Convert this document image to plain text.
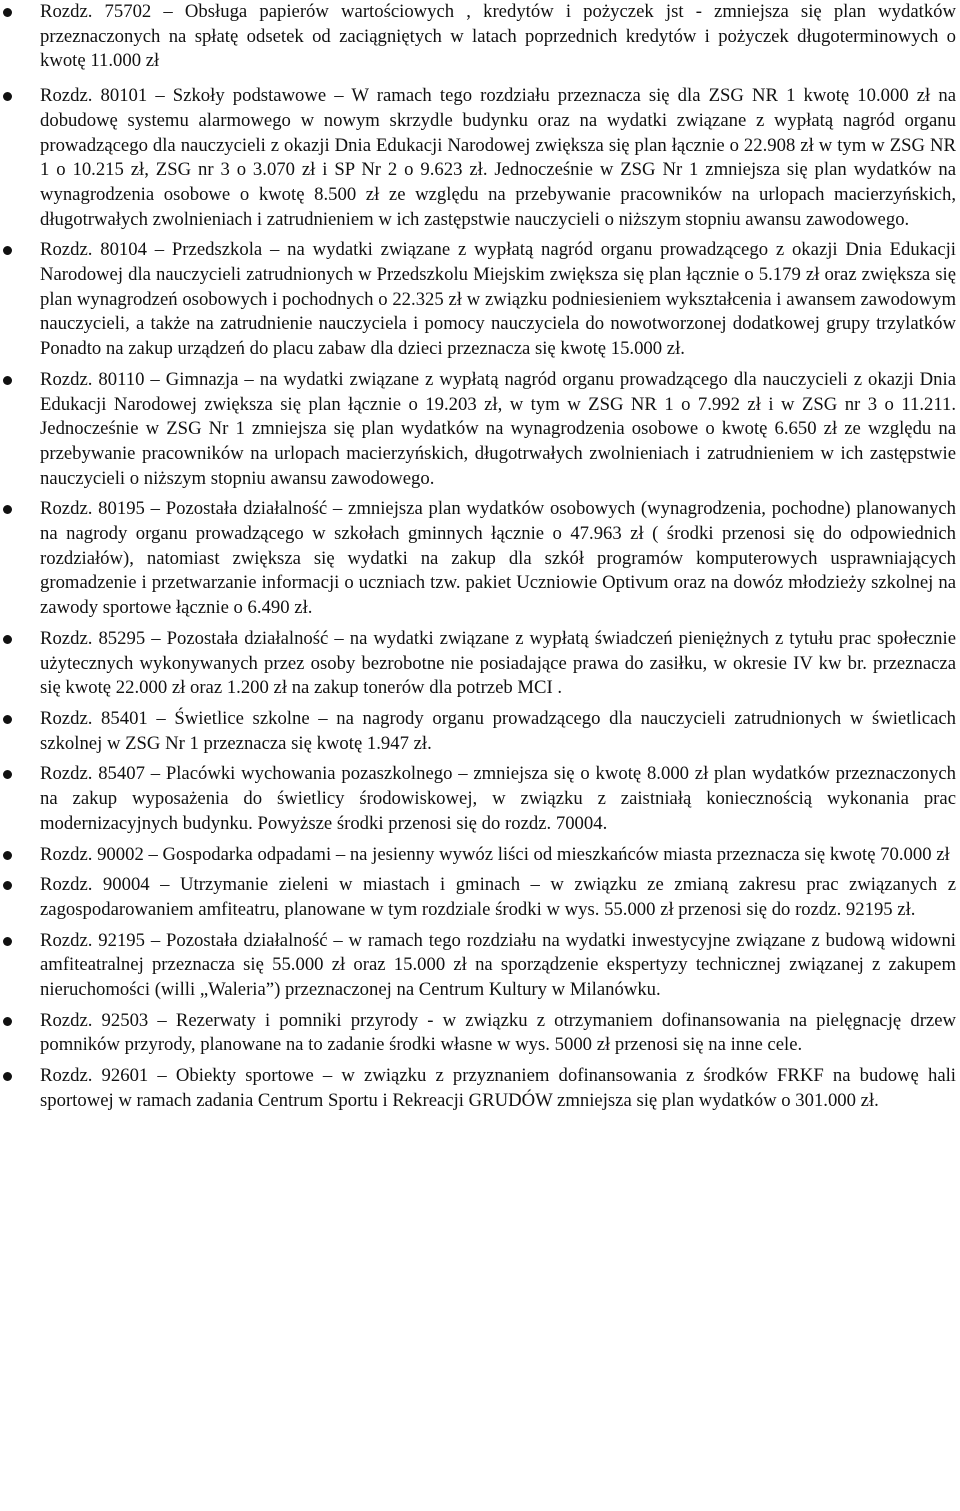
Rozdz. 75702 – Obsługa papierów wartościowych , kredytów i pożyczek jst - zmniejsza się plan wydatków przeznaczonych na spłatę odsetek od zaciągniętych w latach poprzednich kredytów i pożyczek długoterminowych o kwotę 11.000 zł
Rozdz. 80101 – Szkoły podstawowe – W ramach tego rozdziału przeznacza się dla ZSG NR 1 kwotę 10.000 zł na dobudowę systemu alarmowego w nowym skrzydle budynku oraz na wydatki związane z wypłatą nagród organu prowadzącego dla nauczycieli z okazji Dnia Edukacji Narodowej zwiększa się plan łącznie o 22.908 zł w tym w ZSG NR 1 o 10.215 zł, ZSG nr 3 o 3.070 zł i SP Nr 2 o 9.623 zł. Jednocześnie w ZSG Nr 1 zmniejsza się plan wydatków na wynagrodzenia osobowe o kwotę 8.500 zł ze względu na przebywanie pracowników na urlopach macierzyńskich, długotrwałych zwolnieniach i zatrudnieniem w ich zastępstwie nauczycieli o niższym stopniu awansu zawodowego.
Rozdz. 80104 – Przedszkola – na wydatki związane z wypłatą nagród organu prowadzącego z okazji Dnia Edukacji Narodowej dla nauczycieli zatrudnionych w Przedszkolu Miejskim zwiększa się plan łącznie o 5.179 zł oraz zwiększa się plan wynagrodzeń osobowych i pochodnych o 22.325 zł w związku podniesieniem wykształcenia i awansem zawodowym nauczycieli, a także na zatrudnienie nauczyciela i pomocy nauczyciela do nowotworzonej dodatkowej grupy trzylatków Ponadto na zakup urządzeń do placu zabaw dla dzieci przeznacza się kwotę 15.000 zł.
Rozdz. 80110 – Gimnazja – na wydatki związane z wypłatą nagród organu prowadzącego dla nauczycieli z okazji Dnia Edukacji Narodowej zwiększa się plan łącznie o 19.203 zł, w tym w ZSG NR 1 o 7.992 zł i w ZSG nr 3 o 11.211. Jednocześnie w ZSG Nr 1 zmniejsza się plan wydatków na wynagrodzenia osobowe o kwotę 6.650 zł ze względu na przebywanie pracowników na urlopach macierzyńskich, długotrwałych zwolnieniach i zatrudnieniem w ich zastępstwie nauczycieli o niższym stopniu awansu zawodowego.
Rozdz. 80195 – Pozostała działalność – zmniejsza plan wydatków osobowych (wynagrodzenia, pochodne) planowanych na nagrody organu prowadzącego w szkołach gminnych łącznie o 47.963 zł ( środki przenosi się do odpowiednich rozdziałów), natomiast zwiększa się wydatki na zakup dla szkół programów komputerowych usprawniających gromadzenie i przetwarzanie informacji o uczniach tzw. pakiet Uczniowie Optivum oraz na dowóz młodzieży szkolnej na zawody sportowe łącznie o 6.490 zł.
Rozdz. 85295 – Pozostała działalność – na wydatki związane z wypłatą świadczeń pieniężnych z tytułu prac społecznie użytecznych wykonywanych przez osoby bezrobotne nie posiadające prawa do zasiłku, w okresie IV kw br. przeznacza się kwotę 22.000 zł oraz 1.200 zł na zakup tonerów dla potrzeb MCI .
Rozdz. 85401 – Świetlice szkolne – na nagrody organu prowadzącego dla nauczycieli zatrudnionych w świetlicach szkolnej w ZSG Nr 1 przeznacza się kwotę 1.947 zł.
Rozdz. 85407 – Placówki wychowania pozaszkolnego – zmniejsza się o kwotę 8.000 zł plan wydatków przeznaczonych na zakup wyposażenia do świetlicy środowiskowej, w związku z zaistniałą koniecznością wykonania prac modernizacyjnych budynku. Powyższe środki przenosi się do rozdz. 70004.
Rozdz. 90002 – Gospodarka odpadami – na jesienny wywóz liści od mieszkańców miasta przeznacza się kwotę 70.000 zł
Rozdz. 90004 – Utrzymanie zieleni w miastach i gminach – w związku ze zmianą zakresu prac związanych z zagospodarowaniem amfiteatru, planowane w tym rozdziale środki w wys. 55.000 zł przenosi się do rozdz. 92195 zł.
Rozdz. 92195 – Pozostała działalność – w ramach tego rozdziału na wydatki inwestycyjne związane z budową widowni amfiteatralnej przeznacza się 55.000 zł oraz 15.000 zł na sporządzenie ekspertyzy technicznej związanej z zakupem nieruchomości (willi „Waleria”) przeznaczonej na Centrum Kultury w Milanówku.
Rozdz. 92503 – Rezerwaty i pomniki przyrody - w związku z otrzymaniem dofinansowania na pielęgnację drzew pomników przyrody, planowane na to zadanie środki własne w wys. 5000 zł przenosi się na inne cele.
Rozdz. 92601 – Obiekty sportowe – w związku z przyznaniem dofinansowania z środków FRKF na budowę hali sportowej w ramach zadania Centrum Sportu i Rekreacji GRUDÓW zmniejsza się plan wydatków o 301.000 zł.
